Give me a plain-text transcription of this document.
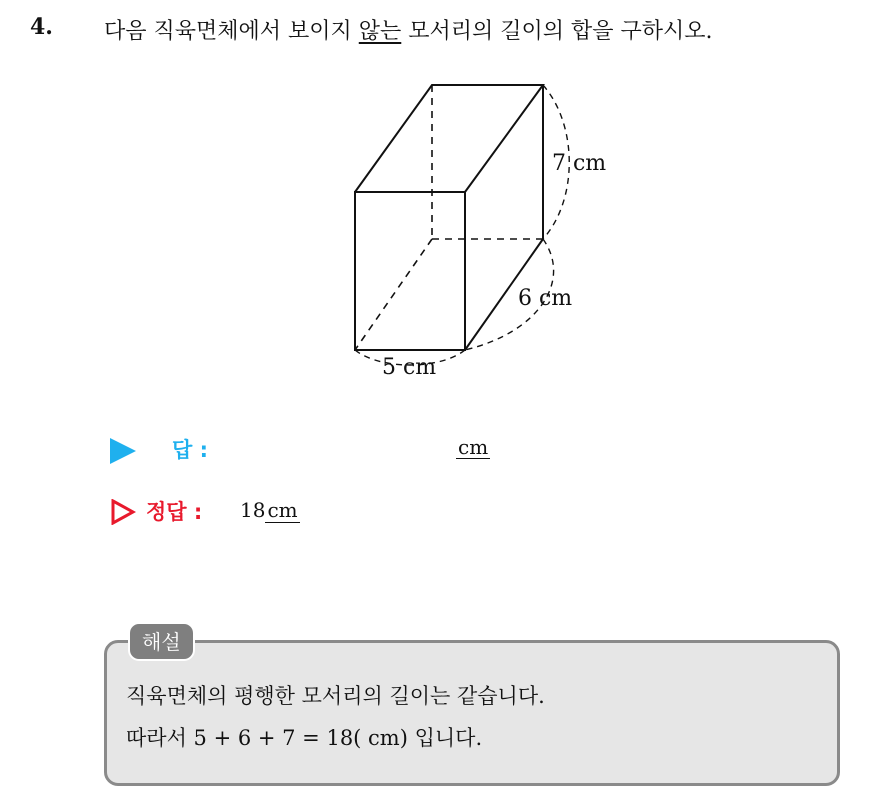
4. 다음 직육면체에서 보이지 않는 모서리의 길이의 합을 구하시오.
7 cm
6 cm
5 cm
답 :	cm
정답 : 18 cm
해설
직육면체의 평행한 모서리의 길이는 같습니다.
따라서 5 + 6 + 7 = 18( cm) 입니다.
